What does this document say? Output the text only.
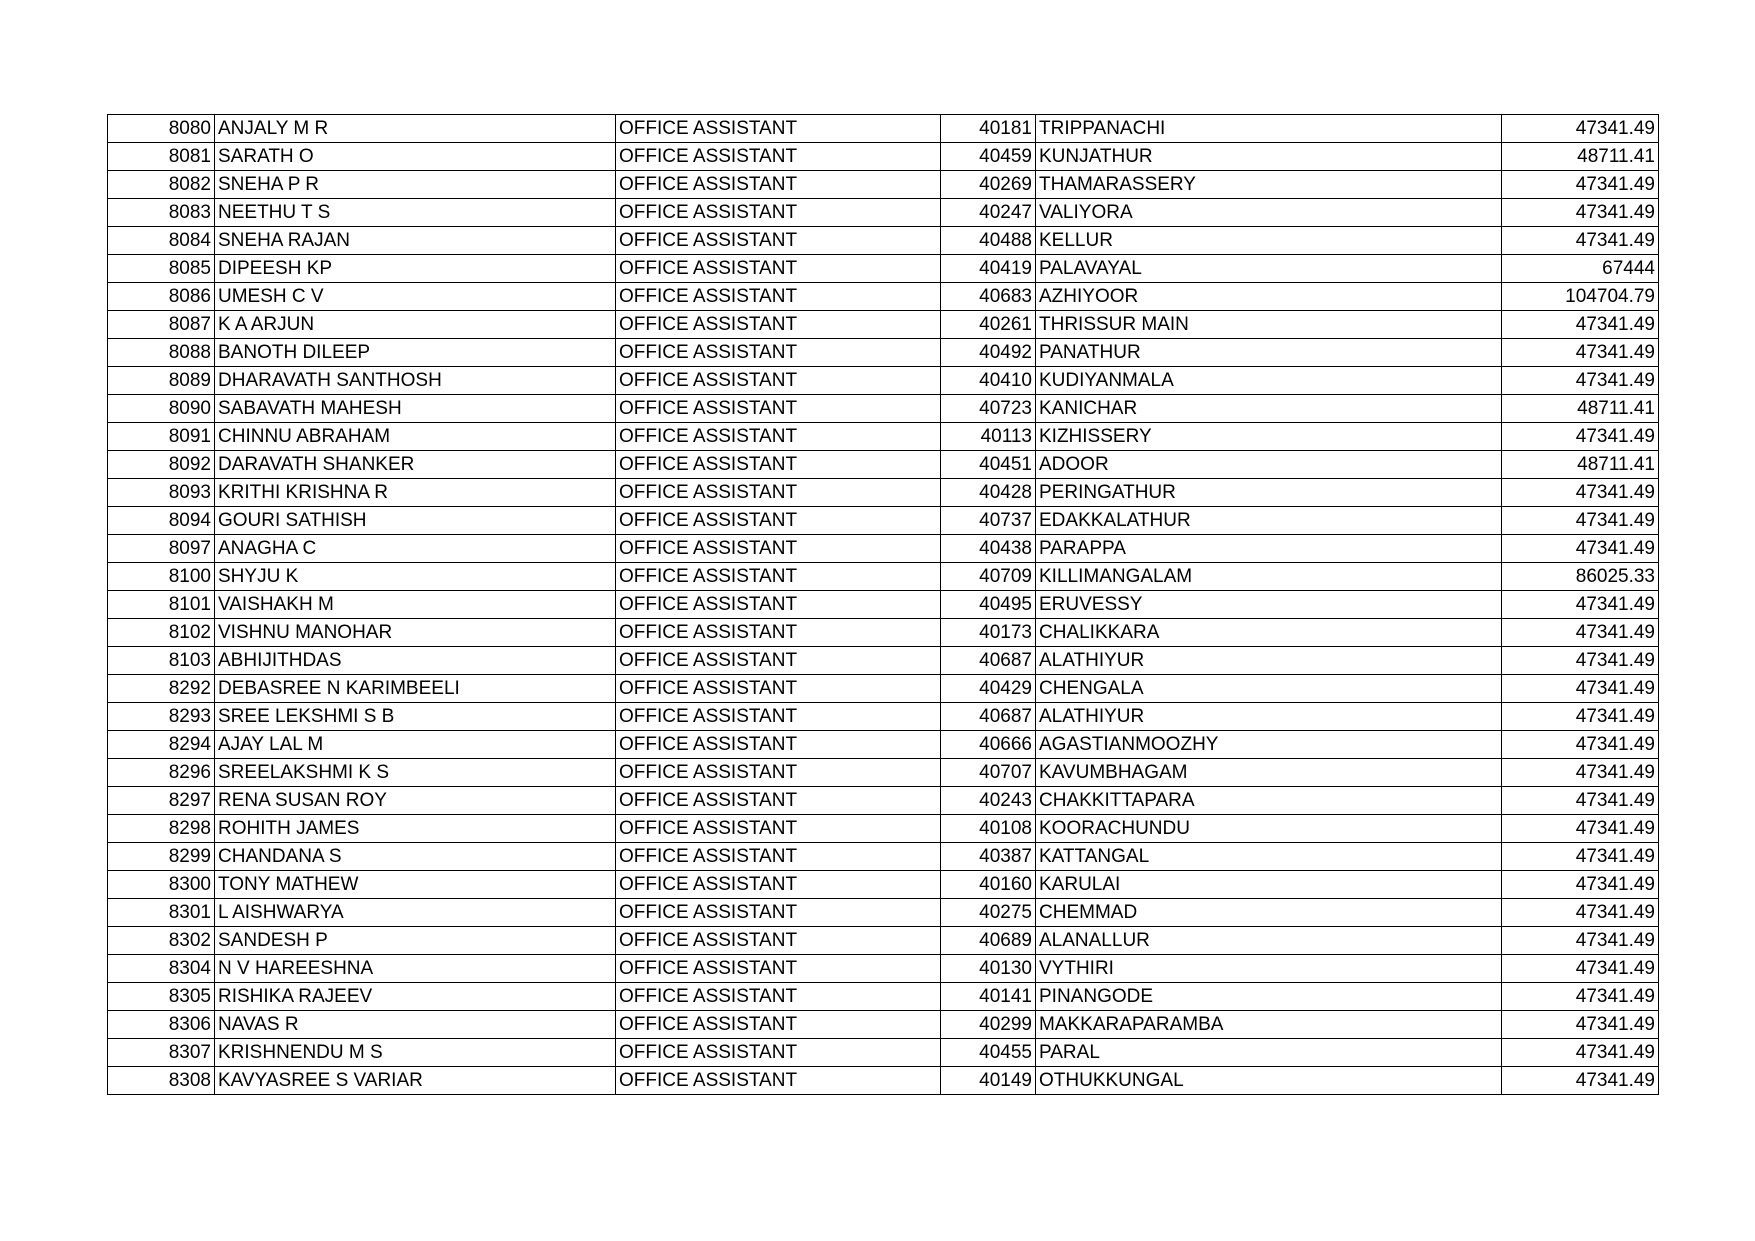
8080	ANJALY M R	OFFICE ASSISTANT	40181	TRIPPANACHI	47341.49
8081	SARATH O	OFFICE ASSISTANT	40459	KUNJATHUR	48711.41
8082	SNEHA P R	OFFICE ASSISTANT	40269	THAMARASSERY	47341.49
8083	NEETHU T S	OFFICE ASSISTANT	40247	VALIYORA	47341.49
8084	SNEHA RAJAN	OFFICE ASSISTANT	40488	KELLUR	47341.49
8085	DIPEESH KP	OFFICE ASSISTANT	40419	PALAVAYAL	67444
8086	UMESH C V	OFFICE ASSISTANT	40683	AZHIYOOR	104704.79
8087	K A ARJUN	OFFICE ASSISTANT	40261	THRISSUR MAIN	47341.49
8088	BANOTH DILEEP	OFFICE ASSISTANT	40492	PANATHUR	47341.49
8089	DHARAVATH SANTHOSH	OFFICE ASSISTANT	40410	KUDIYANMALA	47341.49
8090	SABAVATH MAHESH	OFFICE ASSISTANT	40723	KANICHAR	48711.41
8091	CHINNU ABRAHAM	OFFICE ASSISTANT	40113	KIZHISSERY	47341.49
8092	DARAVATH SHANKER	OFFICE ASSISTANT	40451	ADOOR	48711.41
8093	KRITHI KRISHNA R	OFFICE ASSISTANT	40428	PERINGATHUR	47341.49
8094	GOURI SATHISH	OFFICE ASSISTANT	40737	EDAKKALATHUR	47341.49
8097	ANAGHA C	OFFICE ASSISTANT	40438	PARAPPA	47341.49
8100	SHYJU K	OFFICE ASSISTANT	40709	KILLIMANGALAM	86025.33
8101	VAISHAKH M	OFFICE ASSISTANT	40495	ERUVESSY	47341.49
8102	VISHNU MANOHAR	OFFICE ASSISTANT	40173	CHALIKKARA	47341.49
8103	ABHIJITHDAS	OFFICE ASSISTANT	40687	ALATHIYUR	47341.49
8292	DEBASREE N KARIMBEELI	OFFICE ASSISTANT	40429	CHENGALA	47341.49
8293	SREE LEKSHMI S B	OFFICE ASSISTANT	40687	ALATHIYUR	47341.49
8294	AJAY LAL M	OFFICE ASSISTANT	40666	AGASTIANMOOZHY	47341.49
8296	SREELAKSHMI K S	OFFICE ASSISTANT	40707	KAVUMBHAGAM	47341.49
8297	RENA SUSAN ROY	OFFICE ASSISTANT	40243	CHAKKITTAPARA	47341.49
8298	ROHITH JAMES	OFFICE ASSISTANT	40108	KOORACHUNDU	47341.49
8299	CHANDANA S	OFFICE ASSISTANT	40387	KATTANGAL	47341.49
8300	TONY MATHEW	OFFICE ASSISTANT	40160	KARULAI	47341.49
8301	L AISHWARYA	OFFICE ASSISTANT	40275	CHEMMAD	47341.49
8302	SANDESH P	OFFICE ASSISTANT	40689	ALANALLUR	47341.49
8304	N V HAREESHNA	OFFICE ASSISTANT	40130	VYTHIRI	47341.49
8305	RISHIKA RAJEEV	OFFICE ASSISTANT	40141	PINANGODE	47341.49
8306	NAVAS R	OFFICE ASSISTANT	40299	MAKKARAPARAMBA	47341.49
8307	KRISHNENDU M S	OFFICE ASSISTANT	40455	PARAL	47341.49
8308	KAVYASREE S VARIAR	OFFICE ASSISTANT	40149	OTHUKKUNGAL	47341.49
